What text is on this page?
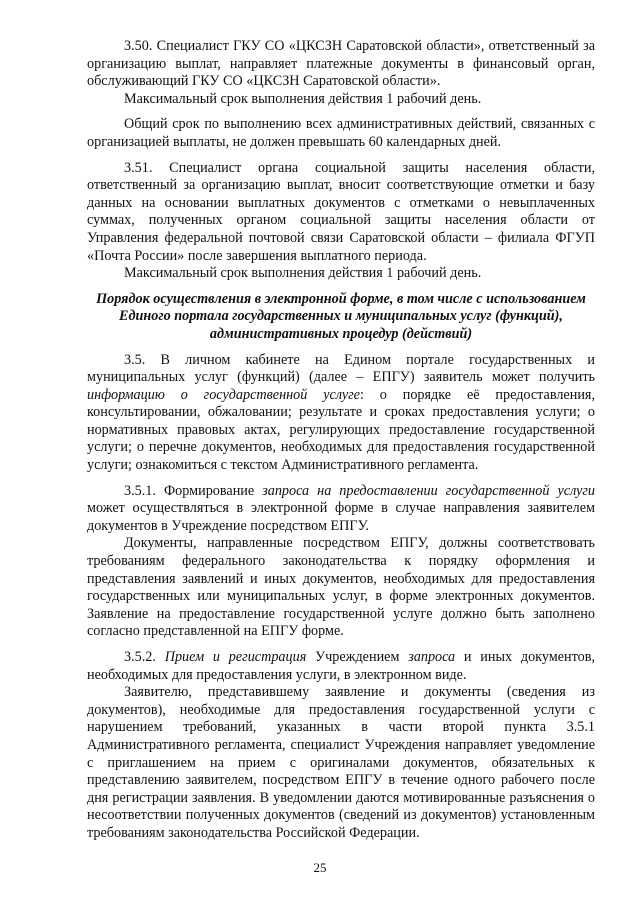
3.50. Специалист ГКУ СО «ЦКСЗН Саратовской области», ответственный за организацию выплат, направляет платежные документы в финансовый орган, обслуживающий ГКУ СО «ЦКСЗН Саратовской области».

Максимальный срок выполнения действия 1 рабочий день.

Общий срок по выполнению всех административных действий, связанных с организацией выплаты, не должен превышать 60 календарных дней.

3.51. Специалист органа социальной защиты населения области, ответственный за организацию выплат, вносит соответствующие отметки и базу данных на основании выплатных документов с отметками о невыплаченных суммах, полученных органом социальной защиты населения области от Управления федеральной почтовой связи Саратовской области – филиала ФГУП «Почта России» после завершения выплатного периода.

Максимальный срок выполнения действия 1 рабочий день.

Порядок осуществления в электронной форме, в том числе с использованием Единого портала государственных и муниципальных услуг (функций), административных процедур (действий)

3.5. В личном кабинете на Едином портале государственных и муниципальных услуг (функций) (далее – ЕПГУ) заявитель может получить информацию о государственной услуге: о порядке её предоставления, консультировании, обжаловании; результате и сроках предоставления услуги; о нормативных правовых актах, регулирующих предоставление государственной услуги; о перечне документов, необходимых для предоставления государственной услуги; ознакомиться с текстом Административного регламента.

3.5.1. Формирование запроса на предоставлении государственной услуги может осуществляться в электронной форме в случае направления заявителем документов в Учреждение посредством ЕПГУ.

Документы, направленные посредством ЕПГУ, должны соответствовать требованиям федерального законодательства к порядку оформления и представления заявлений и иных документов, необходимых для предоставления государственных или муниципальных услуг, в форме электронных документов. Заявление на предоставление государственной услуге должно быть заполнено согласно представленной на ЕПГУ форме.

3.5.2. Прием и регистрация Учреждением запроса и иных документов, необходимых для предоставления услуги, в электронном виде.

Заявителю, представившему заявление и документы (сведения из документов), необходимые для предоставления государственной услуги с нарушением требований, указанных в части второй пункта 3.5.1 Административного регламента, специалист Учреждения направляет уведомление с приглашением на прием с оригиналами документов, обязательных к представлению заявителем, посредством ЕПГУ в течение одного рабочего после дня регистрации заявления. В уведомлении даются мотивированные разъяснения о несоответствии полученных документов (сведений из документов) установленным требованиям законодательства Российской Федерации.

25
